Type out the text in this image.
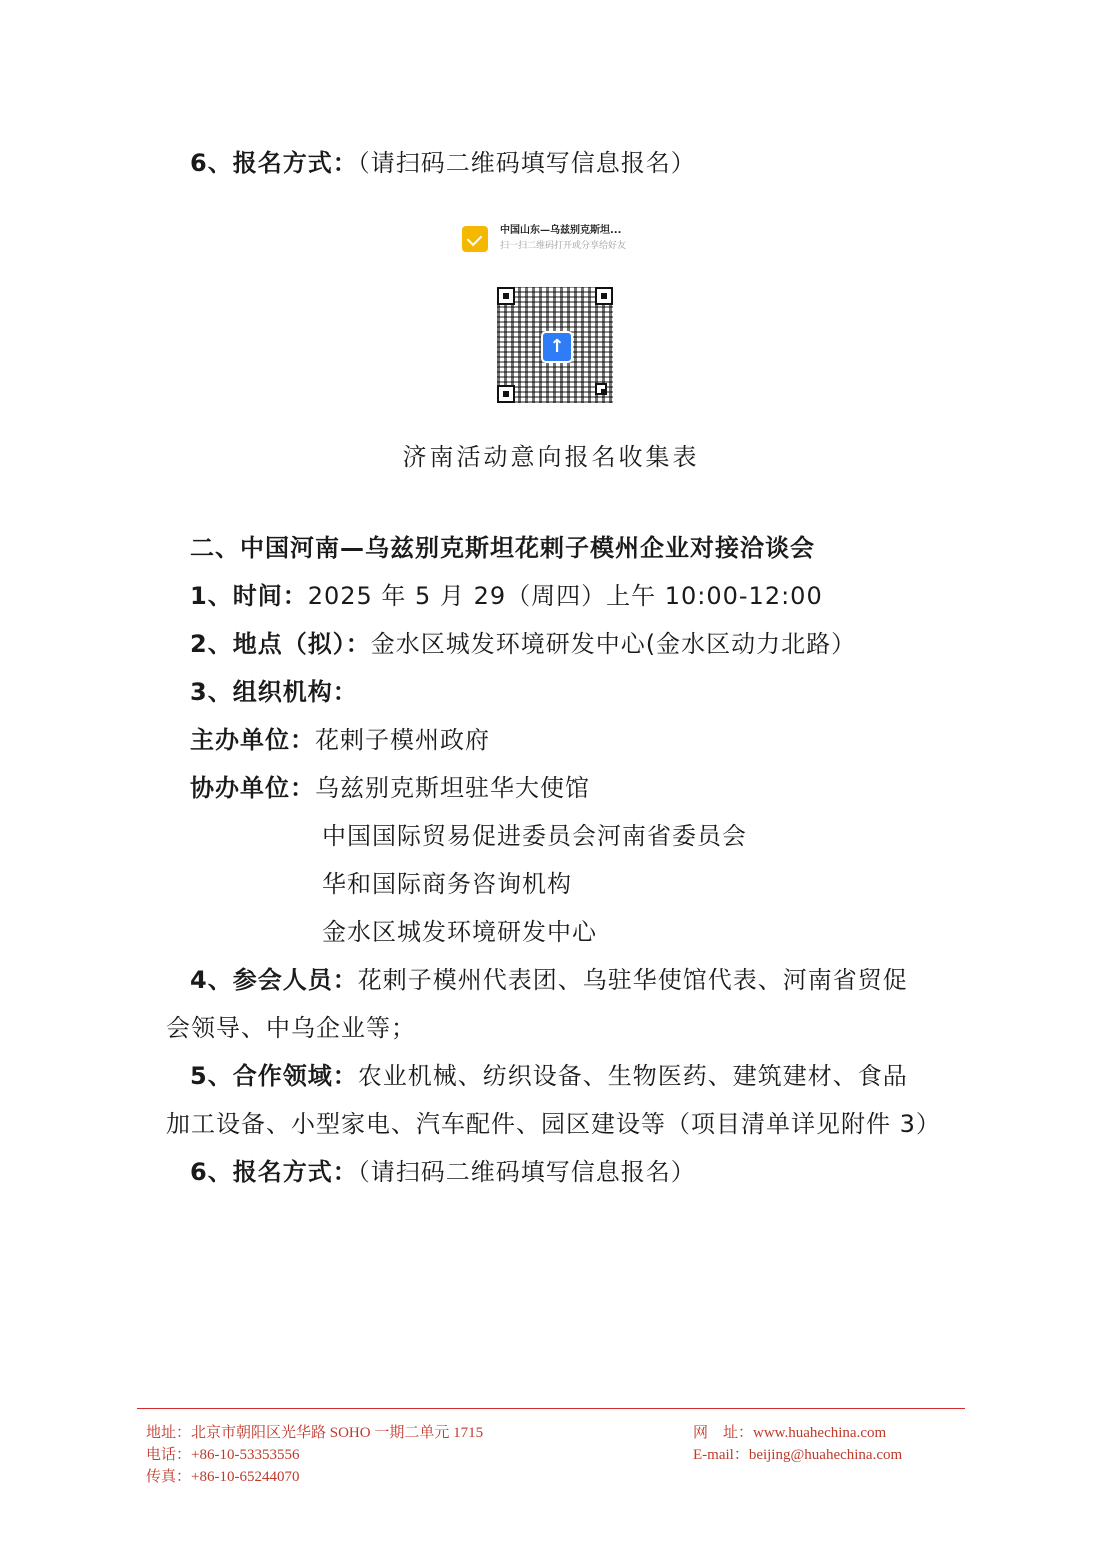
6、报名方式：（请扫码二维码填写信息报名）
中国山东—乌兹别克斯坦...
扫一扫二维码打开或分享给好友
↑
济南活动意向报名收集表
二、中国河南—乌兹别克斯坦花剌子模州企业对接洽谈会
1、时间：2025 年 5 月 29（周四）上午 10:00-12:00
2、地点（拟）：金水区城发环境研发中心(金水区动力北路）
3、组织机构：
主办单位：花剌子模州政府
协办单位：乌兹别克斯坦驻华大使馆
中国国际贸易促进委员会河南省委员会
华和国际商务咨询机构
金水区城发环境研发中心
4、参会人员：花剌子模州代表团、乌驻华使馆代表、河南省贸促
会领导、中乌企业等；
5、合作领域：农业机械、纺织设备、生物医药、建筑建材、食品
加工设备、小型家电、汽车配件、园区建设等（项目清单详见附件 3）
6、报名方式：（请扫码二维码填写信息报名）
地址：北京市朝阳区光华路 SOHO 一期二单元 1715
电话：+86-10-53353556
传真：+86-10-65244070
网　址：www.huahechina.com
E-mail：beijing@huahechina.com
